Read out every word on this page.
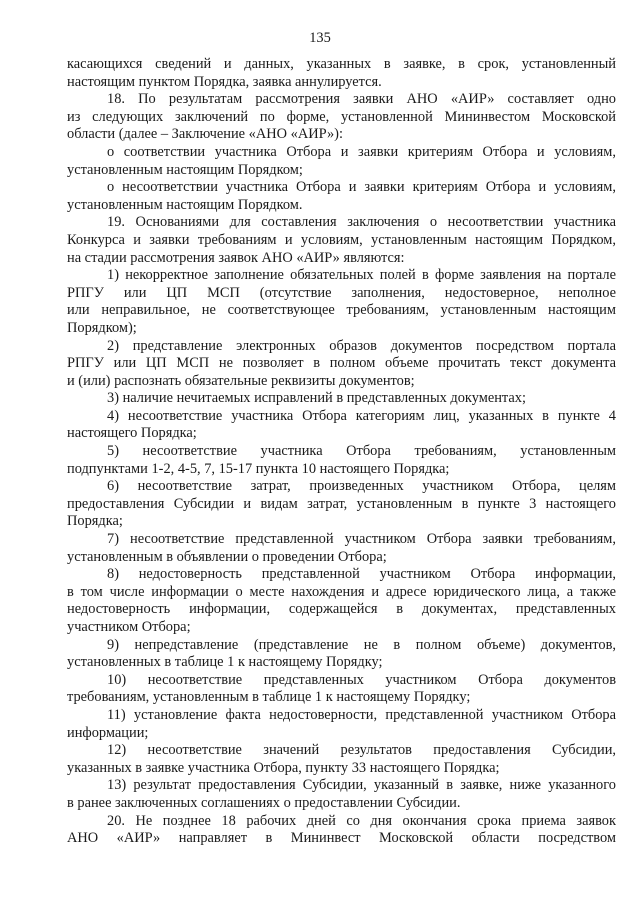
135
касающихся сведений и данных, указанных в заявке, в срок, установленный
настоящим пунктом Порядка, заявка аннулируется.
18. По результатам рассмотрения заявки АНО «АИР» составляет одно
из следующих заключений по форме, установленной Мининвестом Московской
области (далее – Заключение «АНО «АИР»):
о соответствии участника Отбора и заявки критериям Отбора и условиям,
установленным настоящим Порядком;
о несоответствии участника Отбора и заявки критериям Отбора и условиям,
установленным настоящим Порядком.
19. Основаниями для составления заключения о несоответствии участника
Конкурса и заявки требованиям и условиям, установленным настоящим Порядком,
на стадии рассмотрения заявок АНО «АИР» являются:
1) некорректное заполнение обязательных полей в форме заявления на портале
РПГУ или ЦП МСП (отсутствие заполнения, недостоверное, неполное
или неправильное, не соответствующее требованиям, установленным настоящим
Порядком);
2) представление электронных образов документов посредством портала
РПГУ или ЦП МСП не позволяет в полном объеме прочитать текст документа
и (или) распознать обязательные реквизиты документов;
3) наличие нечитаемых исправлений в представленных документах;
4) несоответствие участника Отбора категориям лиц, указанных в пункте 4
настоящего Порядка;
5) несоответствие участника Отбора требованиям, установленным
подпунктами 1-2, 4-5, 7, 15-17 пункта 10 настоящего Порядка;
6) несоответствие затрат, произведенных участником Отбора, целям
предоставления Субсидии и видам затрат, установленным в пункте 3 настоящего
Порядка;
7) несоответствие представленной участником Отбора заявки требованиям,
установленным в объявлении о проведении Отбора;
8) недостоверность представленной участником Отбора информации,
в том числе информации о месте нахождения и адресе юридического лица, а также
недостоверность информации, содержащейся в документах, представленных
участником Отбора;
9) непредставление (представление не в полном объеме) документов,
установленных в таблице 1 к настоящему Порядку;
10) несоответствие представленных участником Отбора документов
требованиям, установленным в таблице 1 к настоящему Порядку;
11) установление факта недостоверности, представленной участником Отбора
информации;
12) несоответствие значений результатов предоставления Субсидии,
указанных в заявке участника Отбора, пункту 33 настоящего Порядка;
13) результат предоставления Субсидии, указанный в заявке, ниже указанного
в ранее заключенных соглашениях о предоставлении Субсидии.
20. Не позднее 18 рабочих дней со дня окончания срока приема заявок
АНО «АИР» направляет в Мининвест Московской области посредством
